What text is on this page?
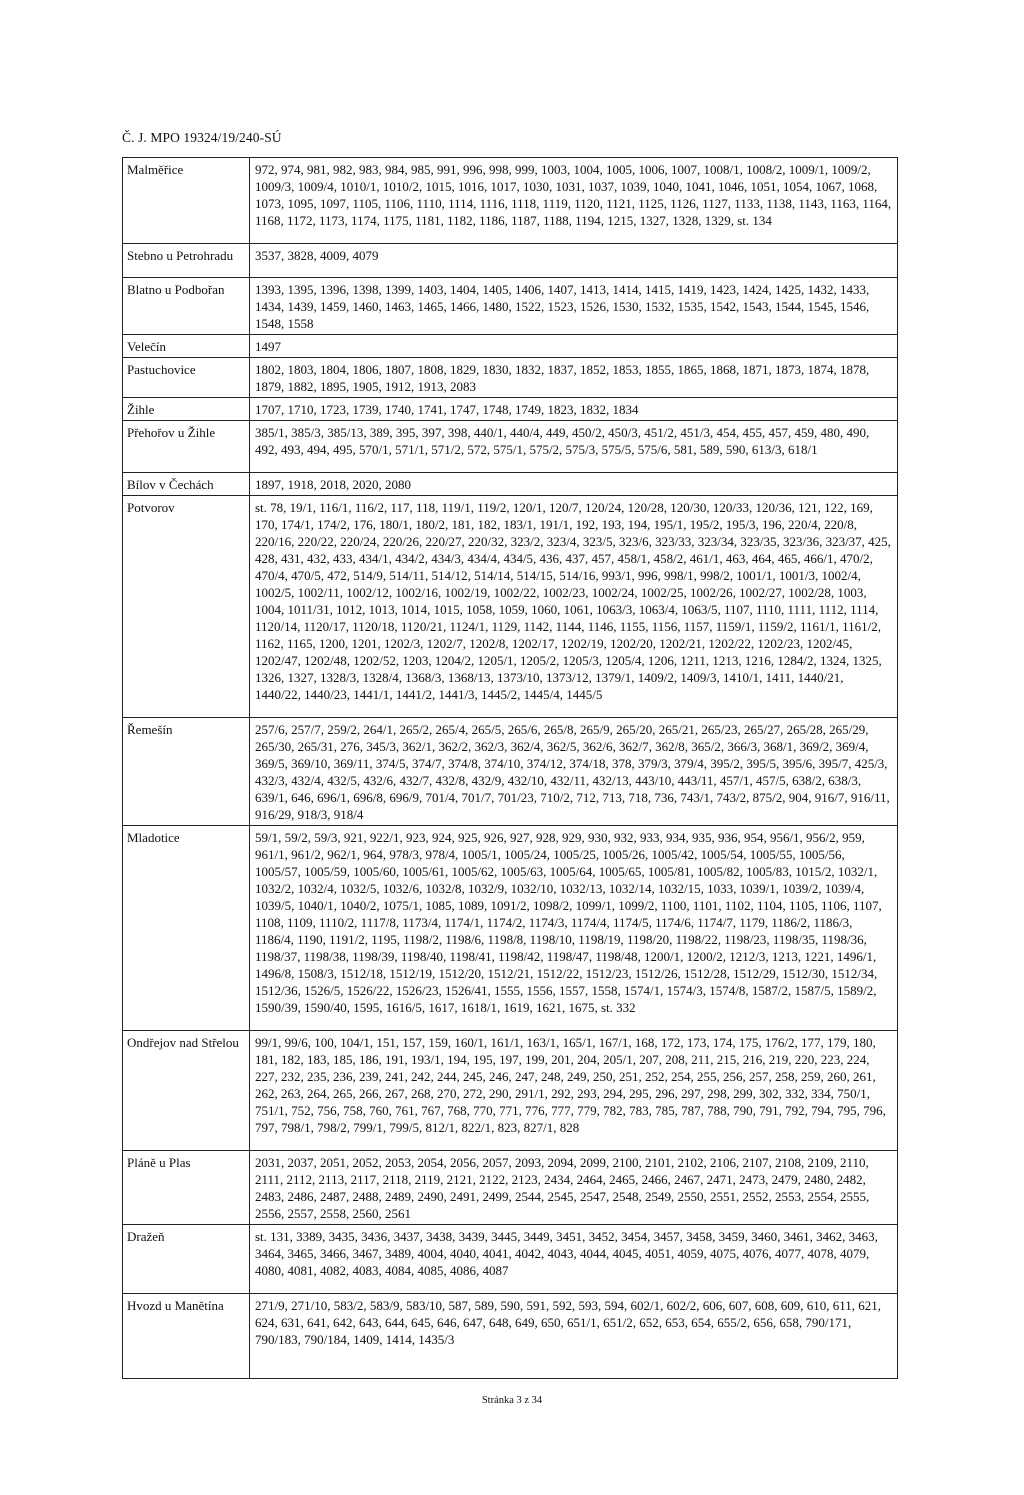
Č. J. MPO 19324/19/240-SÚ
Malměřice	972, 974, 981, 982, 983, 984, 985, 991, 996, 998, 999, 1003, 1004, 1005, 1006, 1007, 1008/1, 1008/2, 1009/1, 1009/2, 1009/3, 1009/4, 1010/1, 1010/2, 1015, 1016, 1017, 1030, 1031, 1037, 1039, 1040, 1041, 1046, 1051, 1054, 1067, 1068, 1073, 1095, 1097, 1105, 1106, 1110, 1114, 1116, 1118, 1119, 1120, 1121, 1125, 1126, 1127, 1133, 1138, 1143, 1163, 1164, 1168, 1172, 1173, 1174, 1175, 1181, 1182, 1186, 1187, 1188, 1194, 1215, 1327, 1328, 1329, st. 134
Stebno u Petrohradu	3537, 3828, 4009, 4079
Blatno u Podbořan	1393, 1395, 1396, 1398, 1399, 1403, 1404, 1405, 1406, 1407, 1413, 1414, 1415, 1419, 1423, 1424, 1425, 1432, 1433, 1434, 1439, 1459, 1460, 1463, 1465, 1466, 1480, 1522, 1523, 1526, 1530, 1532, 1535, 1542, 1543, 1544, 1545, 1546, 1548, 1558
Velečín	1497
Pastuchovice	1802, 1803, 1804, 1806, 1807, 1808, 1829, 1830, 1832, 1837, 1852, 1853, 1855, 1865, 1868, 1871, 1873, 1874, 1878, 1879, 1882, 1895, 1905, 1912, 1913, 2083
Žihle	1707, 1710, 1723, 1739, 1740, 1741, 1747, 1748, 1749, 1823, 1832, 1834
Přehořov u Žihle	385/1, 385/3, 385/13, 389, 395, 397, 398, 440/1, 440/4, 449, 450/2, 450/3, 451/2, 451/3, 454, 455, 457, 459, 480, 490, 492, 493, 494, 495, 570/1, 571/1, 571/2, 572, 575/1, 575/2, 575/3, 575/5, 575/6, 581, 589, 590, 613/3, 618/1
Bílov v Čechách	1897, 1918, 2018, 2020, 2080
Potvorov	st. 78, 19/1, 116/1, 116/2, 117, 118, 119/1, 119/2, 120/1, 120/7, 120/24, 120/28, 120/30, 120/33, 120/36, 121, 122, 169, 170, 174/1, 174/2, 176, 180/1, 180/2, 181, 182, 183/1, 191/1, 192, 193, 194, 195/1, 195/2, 195/3, 196, 220/4, 220/8, 220/16, 220/22, 220/24, 220/26, 220/27, 220/32, 323/2, 323/4, 323/5, 323/6, 323/33, 323/34, 323/35, 323/36, 323/37, 425, 428, 431, 432, 433, 434/1, 434/2, 434/3, 434/4, 434/5, 436, 437, 457, 458/1, 458/2, 461/1, 463, 464, 465, 466/1, 470/2, 470/4, 470/5, 472, 514/9, 514/11, 514/12, 514/14, 514/15, 514/16, 993/1, 996, 998/1, 998/2, 1001/1, 1001/3, 1002/4, 1002/5, 1002/11, 1002/12, 1002/16, 1002/19, 1002/22, 1002/23, 1002/24, 1002/25, 1002/26, 1002/27, 1002/28, 1003, 1004, 1011/31, 1012, 1013, 1014, 1015, 1058, 1059, 1060, 1061, 1063/3, 1063/4, 1063/5, 1107, 1110, 1111, 1112, 1114, 1120/14, 1120/17, 1120/18, 1120/21, 1124/1, 1129, 1142, 1144, 1146, 1155, 1156, 1157, 1159/1, 1159/2, 1161/1, 1161/2, 1162, 1165, 1200, 1201, 1202/3, 1202/7, 1202/8, 1202/17, 1202/19, 1202/20, 1202/21, 1202/22, 1202/23, 1202/45, 1202/47, 1202/48, 1202/52, 1203, 1204/2, 1205/1, 1205/2, 1205/3, 1205/4, 1206, 1211, 1213, 1216, 1284/2, 1324, 1325, 1326, 1327, 1328/3, 1328/4, 1368/3, 1368/13, 1373/10, 1373/12, 1379/1, 1409/2, 1409/3, 1410/1, 1411, 1440/21, 1440/22, 1440/23, 1441/1, 1441/2, 1441/3, 1445/2, 1445/4, 1445/5
Řemešín	257/6, 257/7, 259/2, 264/1, 265/2, 265/4, 265/5, 265/6, 265/8, 265/9, 265/20, 265/21, 265/23, 265/27, 265/28, 265/29, 265/30, 265/31, 276, 345/3, 362/1, 362/2, 362/3, 362/4, 362/5, 362/6, 362/7, 362/8, 365/2, 366/3, 368/1, 369/2, 369/4, 369/5, 369/10, 369/11, 374/5, 374/7, 374/8, 374/10, 374/12, 374/18, 378, 379/3, 379/4, 395/2, 395/5, 395/6, 395/7, 425/3, 432/3, 432/4, 432/5, 432/6, 432/7, 432/8, 432/9, 432/10, 432/11, 432/13, 443/10, 443/11, 457/1, 457/5, 638/2, 638/3, 639/1, 646, 696/1, 696/8, 696/9, 701/4, 701/7, 701/23, 710/2, 712, 713, 718, 736, 743/1, 743/2, 875/2, 904, 916/7, 916/11, 916/29, 918/3, 918/4
Mladotice	59/1, 59/2, 59/3, 921, 922/1, 923, 924, 925, 926, 927, 928, 929, 930, 932, 933, 934, 935, 936, 954, 956/1, 956/2, 959, 961/1, 961/2, 962/1, 964, 978/3, 978/4, 1005/1, 1005/24, 1005/25, 1005/26, 1005/42, 1005/54, 1005/55, 1005/56, 1005/57, 1005/59, 1005/60, 1005/61, 1005/62, 1005/63, 1005/64, 1005/65, 1005/81, 1005/82, 1005/83, 1015/2, 1032/1, 1032/2, 1032/4, 1032/5, 1032/6, 1032/8, 1032/9, 1032/10, 1032/13, 1032/14, 1032/15, 1033, 1039/1, 1039/2, 1039/4, 1039/5, 1040/1, 1040/2, 1075/1, 1085, 1089, 1091/2, 1098/2, 1099/1, 1099/2, 1100, 1101, 1102, 1104, 1105, 1106, 1107, 1108, 1109, 1110/2, 1117/8, 1173/4, 1174/1, 1174/2, 1174/3, 1174/4, 1174/5, 1174/6, 1174/7, 1179, 1186/2, 1186/3, 1186/4, 1190, 1191/2, 1195, 1198/2, 1198/6, 1198/8, 1198/10, 1198/19, 1198/20, 1198/22, 1198/23, 1198/35, 1198/36, 1198/37, 1198/38, 1198/39, 1198/40, 1198/41, 1198/42, 1198/47, 1198/48, 1200/1, 1200/2, 1212/3, 1213, 1221, 1496/1, 1496/8, 1508/3, 1512/18, 1512/19, 1512/20, 1512/21, 1512/22, 1512/23, 1512/26, 1512/28, 1512/29, 1512/30, 1512/34, 1512/36, 1526/5, 1526/22, 1526/23, 1526/41, 1555, 1556, 1557, 1558, 1574/1, 1574/3, 1574/8, 1587/2, 1587/5, 1589/2, 1590/39, 1590/40, 1595, 1616/5, 1617, 1618/1, 1619, 1621, 1675, st. 332
Ondřejov nad Střelou	99/1, 99/6, 100, 104/1, 151, 157, 159, 160/1, 161/1, 163/1, 165/1, 167/1, 168, 172, 173, 174, 175, 176/2, 177, 179, 180, 181, 182, 183, 185, 186, 191, 193/1, 194, 195, 197, 199, 201, 204, 205/1, 207, 208, 211, 215, 216, 219, 220, 223, 224, 227, 232, 235, 236, 239, 241, 242, 244, 245, 246, 247, 248, 249, 250, 251, 252, 254, 255, 256, 257, 258, 259, 260, 261, 262, 263, 264, 265, 266, 267, 268, 270, 272, 290, 291/1, 292, 293, 294, 295, 296, 297, 298, 299, 302, 332, 334, 750/1, 751/1, 752, 756, 758, 760, 761, 767, 768, 770, 771, 776, 777, 779, 782, 783, 785, 787, 788, 790, 791, 792, 794, 795, 796, 797, 798/1, 798/2, 799/1, 799/5, 812/1, 822/1, 823, 827/1, 828
Pláně u Plas	2031, 2037, 2051, 2052, 2053, 2054, 2056, 2057, 2093, 2094, 2099, 2100, 2101, 2102, 2106, 2107, 2108, 2109, 2110, 2111, 2112, 2113, 2117, 2118, 2119, 2121, 2122, 2123, 2434, 2464, 2465, 2466, 2467, 2471, 2473, 2479, 2480, 2482, 2483, 2486, 2487, 2488, 2489, 2490, 2491, 2499, 2544, 2545, 2547, 2548, 2549, 2550, 2551, 2552, 2553, 2554, 2555, 2556, 2557, 2558, 2560, 2561
Dražeň	st. 131, 3389, 3435, 3436, 3437, 3438, 3439, 3445, 3449, 3451, 3452, 3454, 3457, 3458, 3459, 3460, 3461, 3462, 3463, 3464, 3465, 3466, 3467, 3489, 4004, 4040, 4041, 4042, 4043, 4044, 4045, 4051, 4059, 4075, 4076, 4077, 4078, 4079, 4080, 4081, 4082, 4083, 4084, 4085, 4086, 4087
Hvozd u Manětína	271/9, 271/10, 583/2, 583/9, 583/10, 587, 589, 590, 591, 592, 593, 594, 602/1, 602/2, 606, 607, 608, 609, 610, 611, 621, 624, 631, 641, 642, 643, 644, 645, 646, 647, 648, 649, 650, 651/1, 651/2, 652, 653, 654, 655/2, 656, 658, 790/171, 790/183, 790/184, 1409, 1414, 1435/3
Stránka 3 z 34
